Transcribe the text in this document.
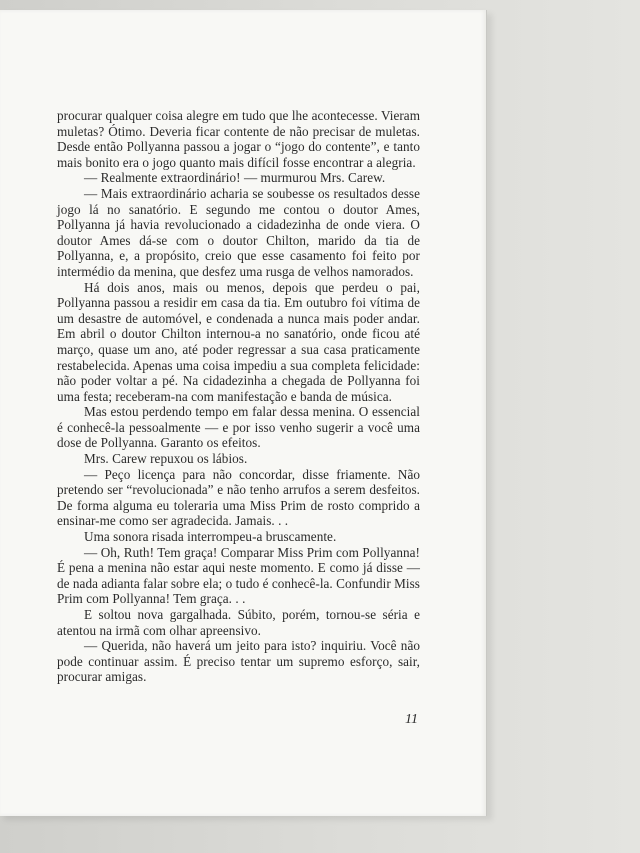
procurar qualquer coisa alegre em tudo que lhe acontecesse. Vieram muletas? Ótimo. Deveria ficar contente de não precisar de muletas. Desde então Pollyanna passou a jogar o “jogo do contente”, e tanto mais bonito era o jogo quanto mais difícil fosse encontrar a alegria.

— Realmente extraordinário! — murmurou Mrs. Carew.

— Mais extraordinário acharia se soubesse os resultados desse jogo lá no sanatório. E segundo me contou o doutor Ames, Pollyanna já havia revolucionado a cidadezinha de onde viera. O doutor Ames dá-se com o doutor Chilton, marido da tia de Pollyanna, e, a propósito, creio que esse casamento foi feito por intermédio da menina, que desfez uma rusga de velhos namorados.

Há dois anos, mais ou menos, depois que perdeu o pai, Pollyanna passou a residir em casa da tia. Em outubro foi vítima de um desastre de automóvel, e condenada a nunca mais poder andar. Em abril o doutor Chilton internou-a no sanatório, onde ficou até março, quase um ano, até poder regressar a sua casa praticamente restabelecida. Apenas uma coisa impediu a sua completa felicidade: não poder voltar a pé. Na cidadezinha a chegada de Pollyanna foi uma festa; receberam-na com manifestação e banda de música.

Mas estou perdendo tempo em falar dessa menina. O essencial é conhecê-la pessoalmente — e por isso venho sugerir a você uma dose de Pollyanna. Garanto os efeitos.

Mrs. Carew repuxou os lábios.

— Peço licença para não concordar, disse friamente. Não pretendo ser “revolucionada” e não tenho arrufos a serem desfeitos. De forma alguma eu toleraria uma Miss Prim de rosto comprido a ensinar-me como ser agradecida. Jamais. . .

Uma sonora risada interrompeu-a bruscamente.

— Oh, Ruth! Tem graça! Comparar Miss Prim com Pollyanna! É pena a menina não estar aqui neste momento. E como já disse — de nada adianta falar sobre ela; o tudo é conhecê-la. Confundir Miss Prim com Pollyanna! Tem graça. . .

E soltou nova gargalhada. Súbito, porém, tornou-se séria e atentou na irmã com olhar apreensivo.

— Querida, não haverá um jeito para isto? inquiriu. Você não pode continuar assim. É preciso tentar um supremo esforço, sair, procurar amigas.

11
